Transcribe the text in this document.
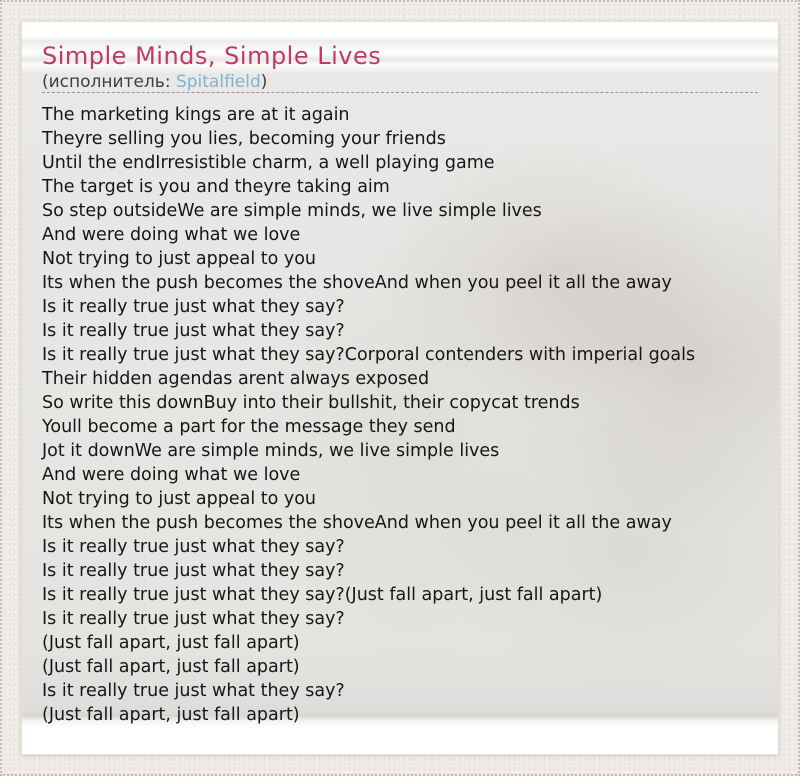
Simple Minds, Simple Lives
(исполнитель: Spitalfield)
The marketing kings are at it again
Theyre selling you lies, becoming your friends
Until the endIrresistible charm, a well playing game
The target is you and theyre taking aim
So step outsideWe are simple minds, we live simple lives
And were doing what we love
Not trying to just appeal to you
Its when the push becomes the shoveAnd when you peel it all the away
Is it really true just what they say?
Is it really true just what they say?
Is it really true just what they say?Corporal contenders with imperial goals
Their hidden agendas arent always exposed
So write this downBuy into their bullshit, their copycat trends
Youll become a part for the message they send
Jot it downWe are simple minds, we live simple lives
And were doing what we love
Not trying to just appeal to you
Its when the push becomes the shoveAnd when you peel it all the away
Is it really true just what they say?
Is it really true just what they say?
Is it really true just what they say?(Just fall apart, just fall apart)
Is it really true just what they say?
(Just fall apart, just fall apart)
(Just fall apart, just fall apart)
Is it really true just what they say?
(Just fall apart, just fall apart)
